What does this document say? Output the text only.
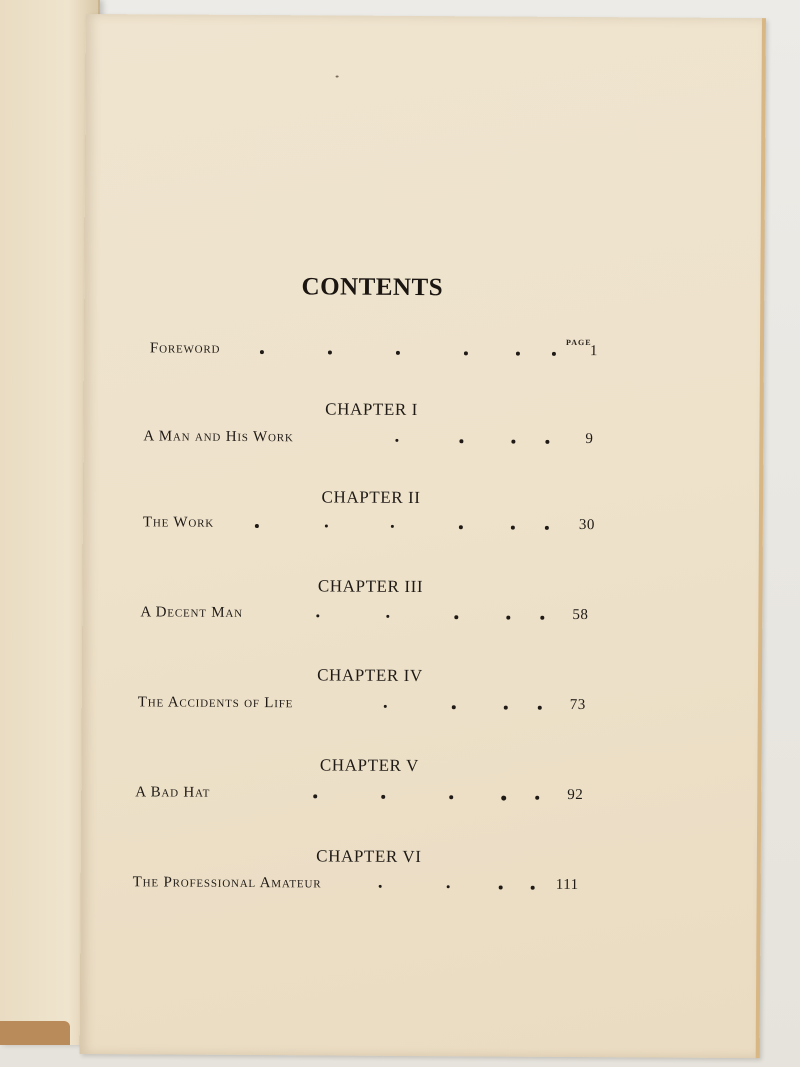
CONTENTS
PAGE
Foreword	1
CHAPTER I
A Man and His Work	9
CHAPTER II
The Work	30
CHAPTER III
A Decent Man	58
CHAPTER IV
The Accidents of Life	73
CHAPTER V
A Bad Hat	92
CHAPTER VI
The Professional Amateur	111
